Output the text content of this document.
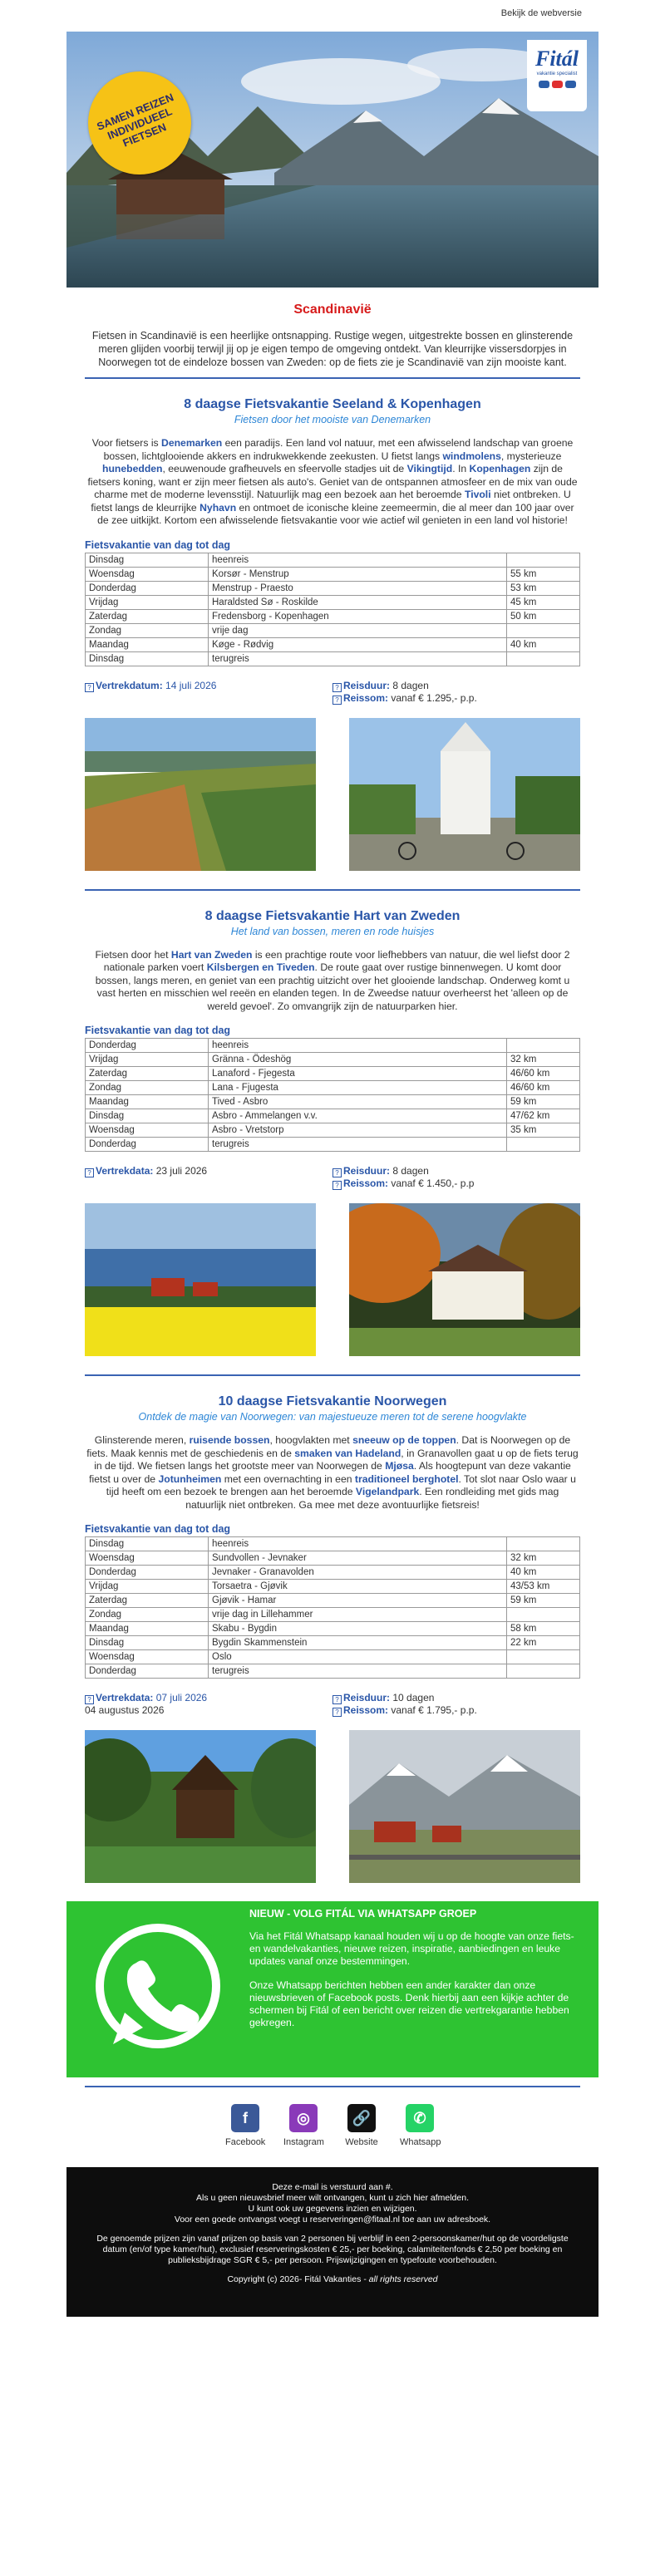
Bekijk de webversie
SAMEN REIZEN
INDIVIDUEEL
FIETSEN
Fitál
vakantie specialist
Scandinavië
Fietsen in Scandinavië is een heerlijke ontsnapping. Rustige wegen, uitgestrekte bossen en glinsterende meren glijden voorbij terwijl jij op je eigen tempo de omgeving ontdekt. Van kleurrijke vissersdorpjes in Noorwegen tot de eindeloze bossen van Zweden: op de fiets zie je Scandinavië van zijn mooiste kant.
8 daagse Fietsvakantie Seeland & Kopenhagen
Fietsen door het mooiste van Denemarken
Voor fietsers is Denemarken een paradijs. Een land vol natuur, met een afwisselend landschap van groene bossen, lichtglooiende akkers en indrukwekkende zeekusten. U fietst langs windmolens, mysterieuze hunebedden, eeuwenoude grafheuvels en sfeervolle stadjes uit de Vikingtijd. In Kopenhagen zijn de fietsers koning, want er zijn meer fietsen als auto's. Geniet van de ontspannen atmosfeer en de mix van oude charme met de moderne levensstijl. Natuurlijk mag een bezoek aan het beroemde Tivoli niet ontbreken. U fietst langs de kleurrijke Nyhavn en ontmoet de iconische kleine zeemeermin, die al meer dan 100 jaar over de zee uitkijkt. Kortom een afwisselende fietsvakantie voor wie actief wil genieten in een land vol historie!
Fietsvakantie van dag tot dag
Dinsdag	heenreis	
Woensdag	Korsør - Menstrup	55 km
Donderdag	Menstrup - Praesto	53 km
Vrijdag	Haraldsted Sø - Roskilde	45 km
Zaterdag	Fredensborg - Kopenhagen	50 km
Zondag	vrije dag	
Maandag	Køge - Rødvig	40 km
Dinsdag	terugreis	
? Vertrekdatum: 14 juli 2026	? Reisduur: 8 dagen
? Reissom: vanaf € 1.295,- p.p.
8 daagse Fietsvakantie Hart van Zweden
Het land van bossen, meren en rode huisjes
Fietsen door het Hart van Zweden is een prachtige route voor liefhebbers van natuur, die wel liefst door 2 nationale parken voert Kilsbergen en Tiveden. De route gaat over rustige binnenwegen. U komt door bossen, langs meren, en geniet van een prachtig uitzicht over het glooiende landschap. Onderweg komt u vast herten en misschien wel reeën en elanden tegen. In de Zweedse natuur overheerst het 'alleen op de wereld gevoel'. Zo omvangrijk zijn de natuurparken hier.
Fietsvakantie van dag tot dag
Donderdag	heenreis	
Vrijdag	Gränna - Ödeshög	32 km
Zaterdag	Lanaford - Fjegesta	46/60 km
Zondag	Lana - Fjugesta	46/60 km
Maandag	Tived - Asbro	59 km
Dinsdag	Asbro - Ammelangen v.v.	47/62 km
Woensdag	Asbro - Vretstorp	35 km
Donderdag	terugreis	
? Vertrekdata: 23 juli 2026	? Reisduur: 8 dagen
? Reissom: vanaf € 1.450,- p.p
10 daagse Fietsvakantie Noorwegen
Ontdek de magie van Noorwegen: van majestueuze meren tot de serene hoogvlakte
Glinsterende meren, ruisende bossen, hoogvlakten met sneeuw op de toppen. Dat is Noorwegen op de fiets. Maak kennis met de geschiedenis en de smaken van Hadeland, in Granavollen gaat u op de fiets terug in de tijd. We fietsen langs het grootste meer van Noorwegen de Mjøsa. Als hoogtepunt van deze vakantie fietst u over de Jotunheimen met een overnachting in een traditioneel berghotel. Tot slot naar Oslo waar u tijd heeft om een bezoek te brengen aan het beroemde Vigelandpark. Een rondleiding met gids mag natuurlijk niet ontbreken. Ga mee met deze avontuurlijke fietsreis!
Fietsvakantie van dag tot dag
Dinsdag	heenreis	
Woensdag	Sundvollen - Jevnaker	32 km
Donderdag	Jevnaker - Granavolden	40 km
Vrijdag	Torsaetra - Gjøvik	43/53 km
Zaterdag	Gjøvik - Hamar	59 km
Zondag	vrije dag in Lillehammer	
Maandag	Skabu - Bygdin	58 km
Dinsdag	Bygdin Skammenstein	22 km
Woensdag	Oslo	
Donderdag	terugreis	
? Vertrekdata: 07 juli 2026
04 augustus 2026
? Reisduur: 10 dagen
? Reissom: vanaf € 1.795,- p.p.
NIEUW - VOLG FITÁL VIA WHATSAPP GROEP

Via het Fitál Whatsapp kanaal houden wij u op de hoogte van onze fiets- en wandelvakanties, nieuwe reizen, inspiratie, aanbiedingen en leuke updates vanaf onze bestemmingen.

Onze Whatsapp berichten hebben een ander karakter dan onze nieuwsbrieven of Facebook posts. Denk hierbij aan een kijkje achter de schermen bij Fitál of een bericht over reizen die vertrekgarantie hebben gekregen.

f
Facebook
◎
Instagram
🔗
Website
✆
Whatsapp
Deze e-mail is verstuurd aan #.
Als u geen nieuwsbrief meer wilt ontvangen, kunt u zich hier afmelden.
U kunt ook uw gegevens inzien en wijzigen.

Voor een goede ontvangst voegt u reserveringen@fitaal.nl toe aan uw adresboek.

De genoemde prijzen zijn vanaf prijzen op basis van 2 personen bij verblijf in een 2-persoonskamer/hut op de voordeligste datum (en/of type kamer/hut), exclusief reserveringskosten € 25,- per boeking, calamiteitenfonds € 2,50 per boeking en publieksbijdrage SGR € 5,- per persoon. Prijswijzigingen en typefoute voorbehouden.

Copyright (c) 2026- Fitál Vakanties - all rights reserved
